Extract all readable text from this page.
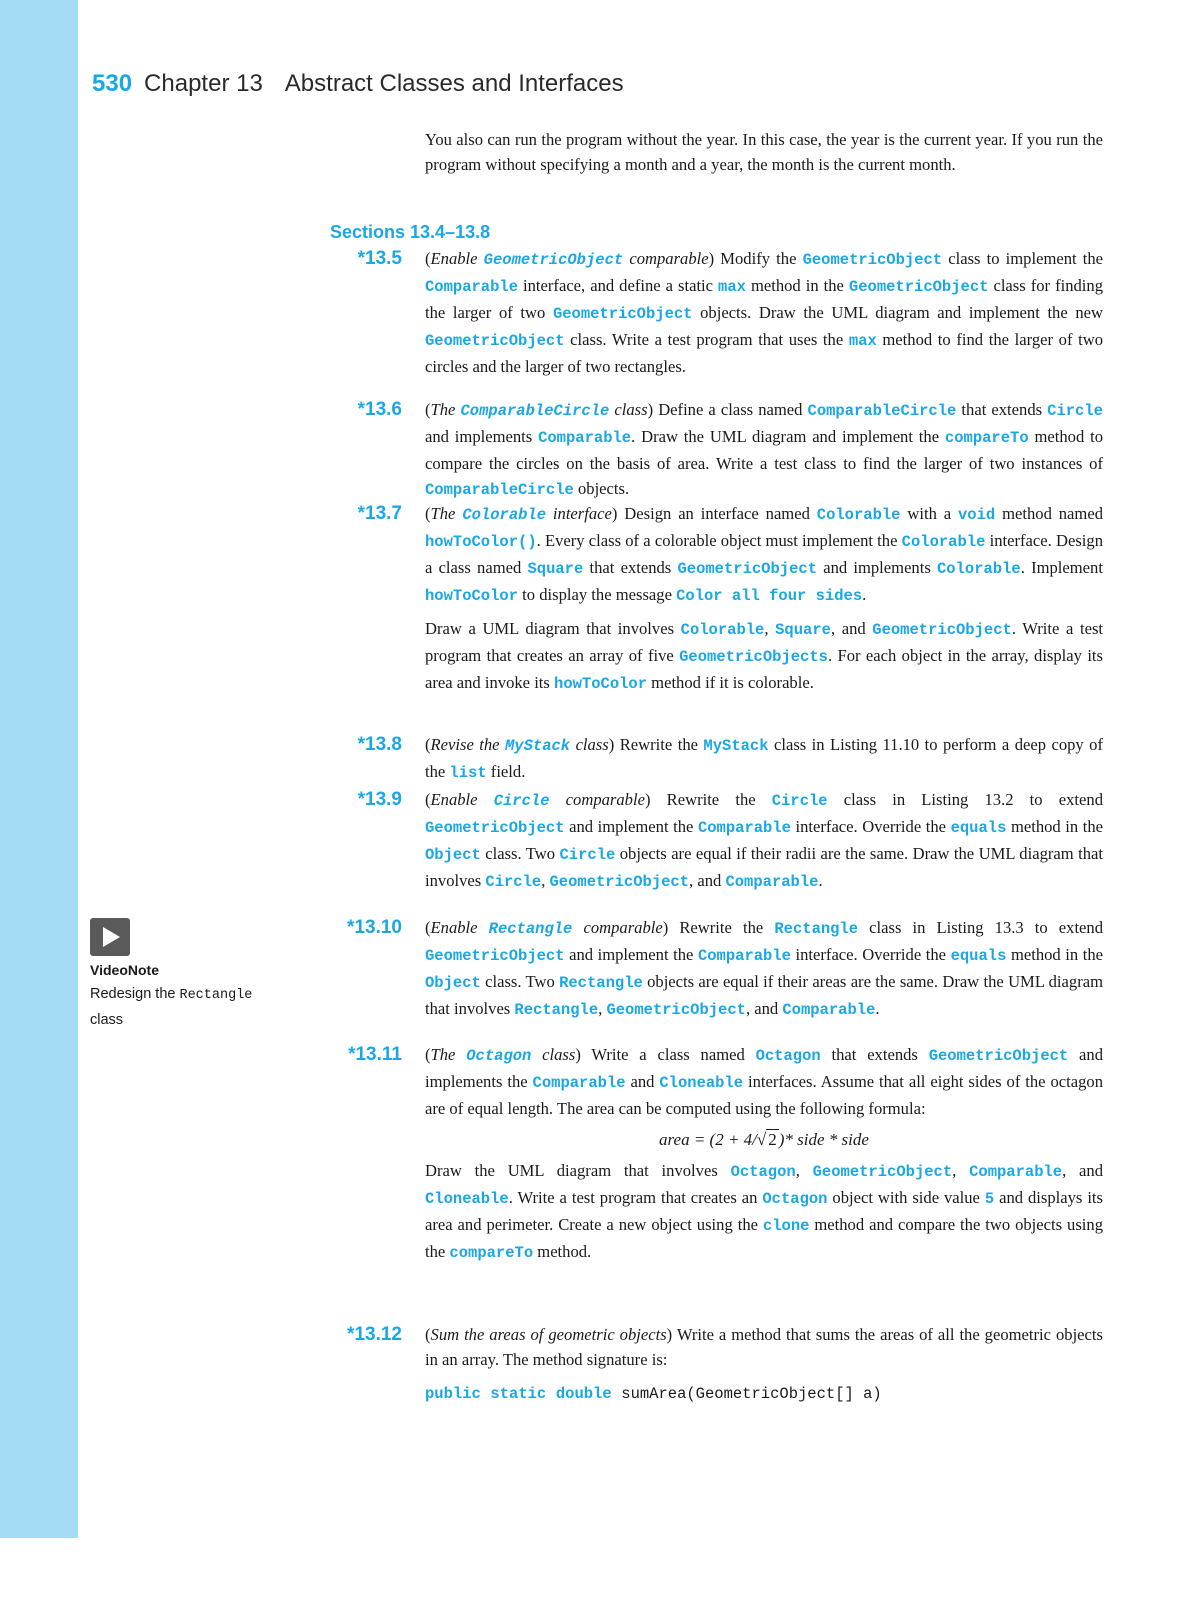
530 Chapter 13 Abstract Classes and Interfaces
You also can run the program without the year. In this case, the year is the current year. If you run the program without specifying a month and a year, the month is the current month.
Sections 13.4–13.8
VideoNote
Redesign the Rectangle
class
*13.5 (Enable GeometricObject comparable) Modify the GeometricObject class to implement the Comparable interface, and define a static max method in the GeometricObject class for finding the larger of two GeometricObject objects. Draw the UML diagram and implement the new GeometricObject class. Write a test program that uses the max method to find the larger of two circles and the larger of two rectangles.

*13.6 (The ComparableCircle class) Define a class named ComparableCircle that extends Circle and implements Comparable. Draw the UML diagram and implement the compareTo method to compare the circles on the basis of area. Write a test class to find the larger of two instances of ComparableCircle objects.

*13.7 (The Colorable interface) Design an interface named Colorable with a void method named howToColor(). Every class of a colorable object must implement the Colorable interface. Design a class named Square that extends GeometricObject and implements Colorable. Implement howToColor to display the message Color all four sides.

Draw a UML diagram that involves Colorable, Square, and GeometricObject. Write a test program that creates an array of five GeometricObjects. For each object in the array, display its area and invoke its howToColor method if it is colorable.

*13.8 (Revise the MyStack class) Rewrite the MyStack class in Listing 11.10 to perform a deep copy of the list field.

*13.9 (Enable Circle comparable) Rewrite the Circle class in Listing 13.2 to extend GeometricObject and implement the Comparable interface. Override the equals method in the Object class. Two Circle objects are equal if their radii are the same. Draw the UML diagram that involves Circle, GeometricObject, and Comparable.

*13.10 (Enable Rectangle comparable) Rewrite the Rectangle class in Listing 13.3 to extend GeometricObject and implement the Comparable interface. Override the equals method in the Object class. Two Rectangle objects are equal if their areas are the same. Draw the UML diagram that involves Rectangle, GeometricObject, and Comparable.

*13.11 (The Octagon class) Write a class named Octagon that extends GeometricObject and implements the Comparable and Cloneable interfaces. Assume that all eight sides of the octagon are of equal length. The area can be computed using the following formula:

area = (2 + 4/√ 2 )* side * side

Draw the UML diagram that involves Octagon, GeometricObject, Comparable, and Cloneable. Write a test program that creates an Octagon object with side value 5 and displays its area and perimeter. Create a new object using the clone method and compare the two objects using the compareTo method.

*13.12 (Sum the areas of geometric objects) Write a method that sums the areas of all the geometric objects in an array. The method signature is:

public static double sumArea(GeometricObject[] a)
